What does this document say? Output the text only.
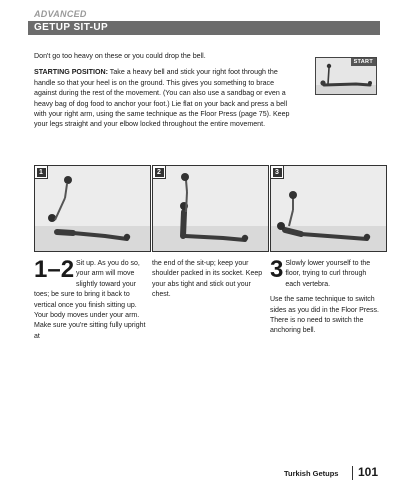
ADVANCED
GETUP SIT-UP

Don't go too heavy on these or you could drop the bell.

STARTING POSITION: Take a heavy bell and stick your right foot through the handle so that your heel is on the ground. This gives you something to brace against during the rest of the movement. (You can also use a sandbag or even a heavy bag of dog food to anchor your foot.) Lie flat on your back and press a bell with your right arm, using the same technique as the Floor Press (page 75). Keep your legs straight and your elbow locked throughout the entire movement.

START
1	2	3

1–2 Sit up. As you do so, your arm will move slightly toward your toes; be sure to bring it back to vertical once you finish sitting up. Your body moves under your arm. Make sure you're sitting fully upright at

the end of the sit-up; keep your shoulder packed in its socket. Keep your abs tight and stick out your chest.

3 Slowly lower yourself to the floor, trying to curl through each vertebra.

Use the same technique to switch sides as you did in the Floor Press. There is no need to switch the anchoring bell.

Turkish Getups 101
